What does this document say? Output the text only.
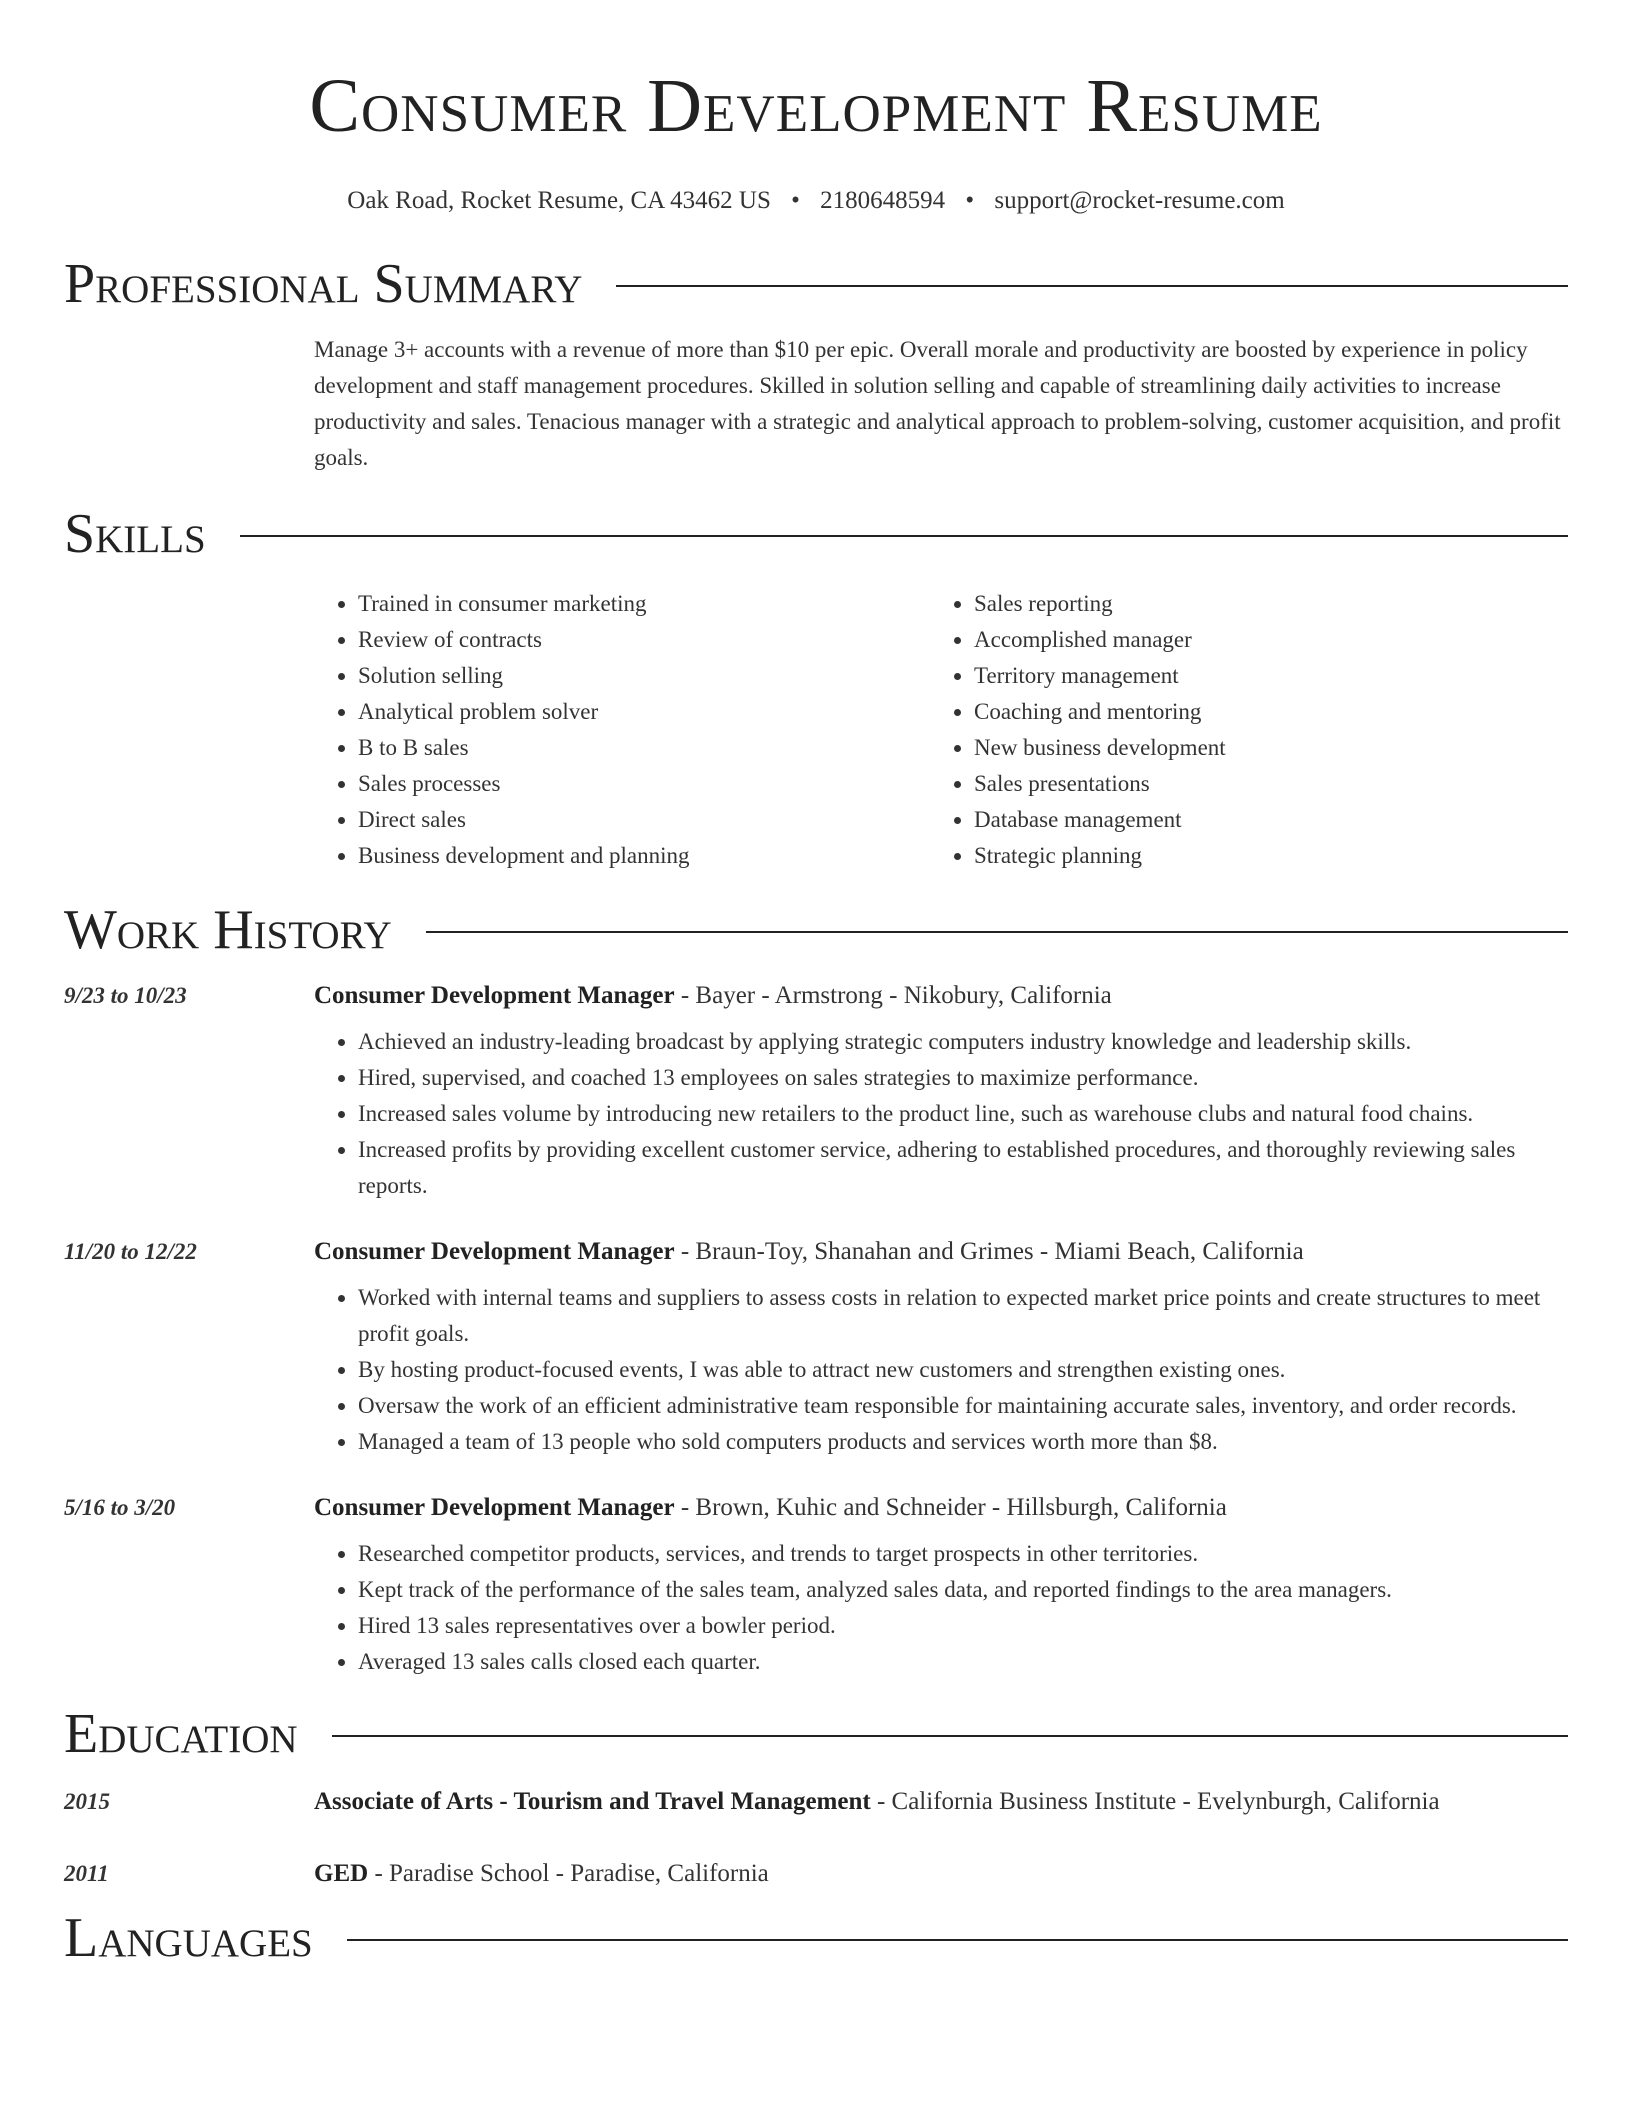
Consumer Development Resume
Oak Road, Rocket Resume, CA 43462 US • 2180648594 • support@rocket-resume.com
Professional Summary

Manage 3+ accounts with a revenue of more than $10 per epic. Overall morale and productivity are boosted by experience in policy development and staff management procedures. Skilled in solution selling and capable of streamlining daily activities to increase productivity and sales. Tenacious manager with a strategic and analytical approach to problem-solving, customer acquisition, and profit goals.

Skills
• Trained in consumer marketing
• Review of contracts
• Solution selling
• Analytical problem solver
• B to B sales
• Sales processes
• Direct sales
• Business development and planning
• Sales reporting
• Accomplished manager
• Territory management
• Coaching and mentoring
• New business development
• Sales presentations
• Database management
• Strategic planning
Work History
9/23 to 10/23	Consumer Development Manager - Bayer - Armstrong - Nikobury, California
• Achieved an industry-leading broadcast by applying strategic computers industry knowledge and leadership skills.
• Hired, supervised, and coached 13 employees on sales strategies to maximize performance.
• Increased sales volume by introducing new retailers to the product line, such as warehouse clubs and natural food chains.
• Increased profits by providing excellent customer service, adhering to established procedures, and thoroughly reviewing sales reports.
11/20 to 12/22	Consumer Development Manager - Braun-Toy, Shanahan and Grimes - Miami Beach, California
• Worked with internal teams and suppliers to assess costs in relation to expected market price points and create structures to meet profit goals.
• By hosting product-focused events, I was able to attract new customers and strengthen existing ones.
• Oversaw the work of an efficient administrative team responsible for maintaining accurate sales, inventory, and order records.
• Managed a team of 13 people who sold computers products and services worth more than $8.
5/16 to 3/20	Consumer Development Manager - Brown, Kuhic and Schneider - Hillsburgh, California
• Researched competitor products, services, and trends to target prospects in other territories.
• Kept track of the performance of the sales team, analyzed sales data, and reported findings to the area managers.
• Hired 13 sales representatives over a bowler period.
• Averaged 13 sales calls closed each quarter.
Education
2015	Associate of Arts - Tourism and Travel Management - California Business Institute - Evelynburgh, California
2011	GED - Paradise School - Paradise, California
Languages
